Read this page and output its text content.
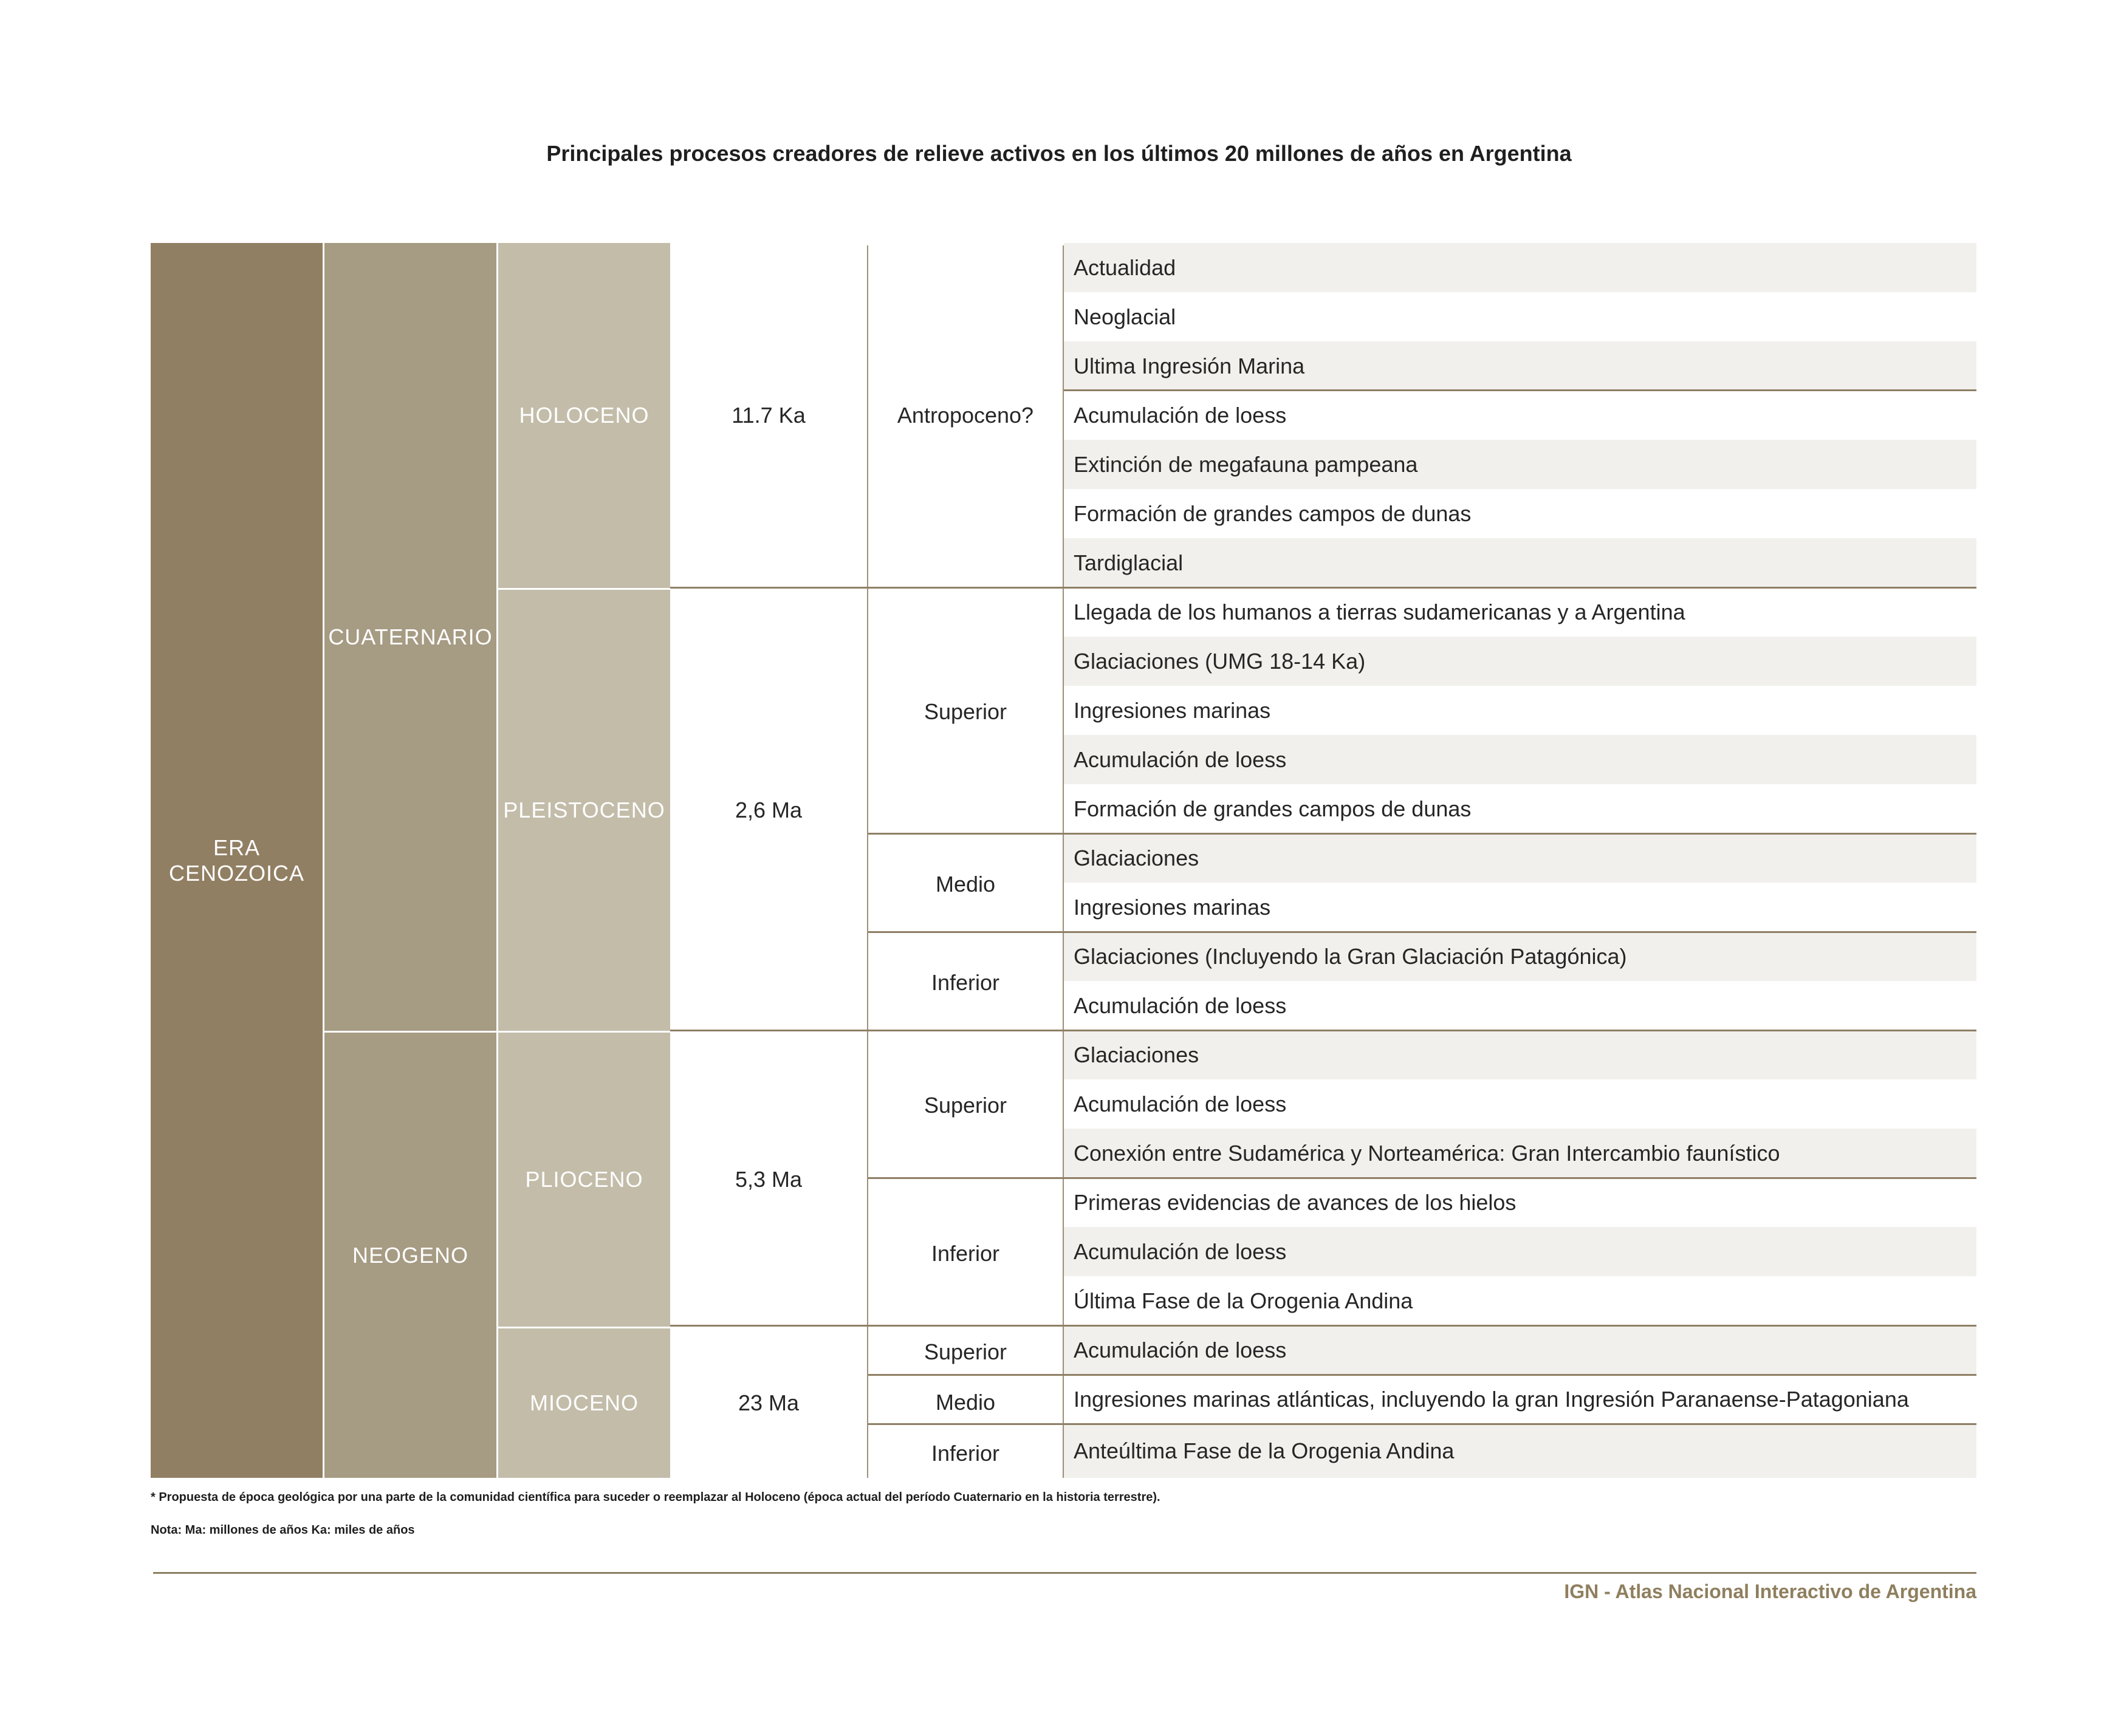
Principales procesos creadores de relieve activos en los últimos 20 millones de años en Argentina
ERA
CENOZOICA
CUATERNARIO
NEOGENO
HOLOCENO
PLEISTOCENO
PLIOCENO
MIOCENO
11.7 Ka
2,6 Ma
5,3 Ma
23 Ma
Antropoceno?
Superior
Medio
Inferior
Superior
Inferior
Superior
Medio
Inferior
Actualidad
Neoglacial
Ultima Ingresión Marina
Acumulación de loess
Extinción de megafauna pampeana
Formación de grandes campos de dunas
Tardiglacial
Llegada de los humanos a tierras sudamericanas y a Argentina
Glaciaciones (UMG 18-14 Ka)
Ingresiones marinas
Acumulación de loess
Formación de grandes campos de dunas
Glaciaciones
Ingresiones marinas
Glaciaciones (Incluyendo la Gran Glaciación Patagónica)
Acumulación de loess
Glaciaciones
Acumulación de loess
Conexión entre Sudamérica y Norteamérica: Gran Intercambio faunístico
Primeras evidencias de avances de los hielos
Acumulación de loess
Última Fase de la Orogenia Andina
Acumulación de loess
Ingresiones marinas atlánticas, incluyendo la gran Ingresión Paranaense-Patagoniana
Anteúltima Fase de la Orogenia Andina
* Propuesta de época geológica por una parte de la comunidad científica para suceder o reemplazar al Holoceno (época actual del período Cuaternario en la historia terrestre).
Nota: Ma: millones de años Ka: miles de años
IGN - Atlas Nacional Interactivo de Argentina
